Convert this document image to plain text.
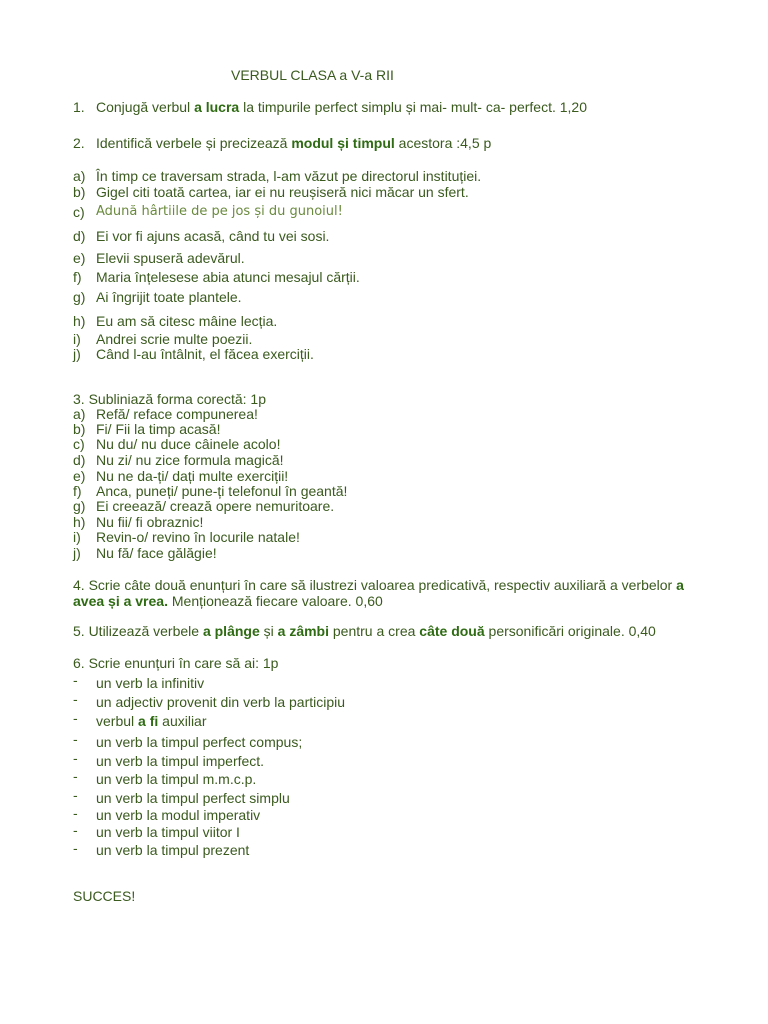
VERBUL CLASA a V-a RII
1. Conjugă verbul a lucra la timpurile perfect simplu și mai- mult- ca- perfect. 1,20
2. Identifică verbele și precizează modul și timpul acestora :4,5 p
a) În timp ce traversam strada, l-am văzut pe directorul instituției.
b) Gigel citi toată cartea, iar ei nu reușiseră nici măcar un sfert.
c) Adună hârtiile de pe jos și du gunoiul!
d) Ei vor fi ajuns acasă, când tu vei sosi.
e) Elevii spuseră adevărul.
f) Maria înțelesese abia atunci mesajul cărții.
g) Ai îngrijit toate plantele.
h) Eu am să citesc mâine lecția.
i) Andrei scrie multe poezii.
j) Când l-au întâlnit, el făcea exerciții.
3. Subliniază forma corectă: 1p
a) Refă/ reface compunerea!
b) Fi/ Fii la timp acasă!
c) Nu du/ nu duce câinele acolo!
d) Nu zi/ nu zice formula magică!
e) Nu ne da-ți/ dați multe exerciții!
f) Anca, puneți/ pune-ți telefonul în geantă!
g) Ei creează/ crează opere nemuritoare.
h) Nu fii/ fi obraznic!
i) Revin-o/ revino în locurile natale!
j) Nu fă/ face gălăgie!
4. Scrie câte două enunțuri în care să ilustrezi valoarea predicativă, respectiv auxiliară a verbelor a
avea și a vrea. Menționează fiecare valoare. 0,60
5. Utilizează verbele a plânge și a zâmbi pentru a crea câte două personificări originale. 0,40
6. Scrie enunțuri în care să ai: 1p
- un verb la infinitiv
- un adjectiv provenit din verb la participiu
- verbul a fi auxiliar
- un verb la timpul perfect compus;
- un verb la timpul imperfect.
- un verb la timpul m.m.c.p.
- un verb la timpul perfect simplu
- un verb la modul imperativ
- un verb la timpul viitor I
- un verb la timpul prezent
SUCCES!
